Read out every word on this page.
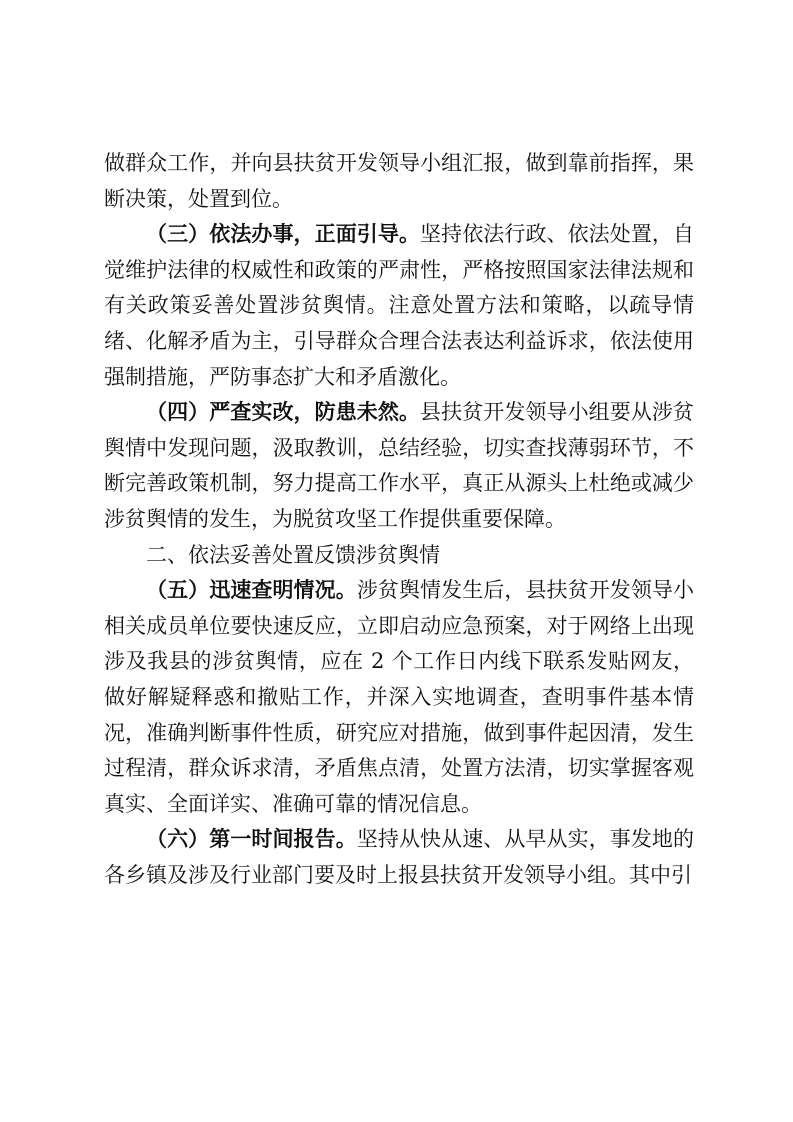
做群众工作，并向县扶贫开发领导小组汇报，做到靠前指挥，果断决策，处置到位。

（三）依法办事，正面引导。坚持依法行政、依法处置，自觉维护法律的权威性和政策的严肃性，严格按照国家法律法规和有关政策妥善处置涉贫舆情。注意处置方法和策略，以疏导情绪、化解矛盾为主，引导群众合理合法表达利益诉求，依法使用强制措施，严防事态扩大和矛盾激化。

（四）严查实改，防患未然。县扶贫开发领导小组要从涉贫舆情中发现问题，汲取教训，总结经验，切实查找薄弱环节，不断完善政策机制，努力提高工作水平，真正从源头上杜绝或减少涉贫舆情的发生，为脱贫攻坚工作提供重要保障。

二、依法妥善处置反馈涉贫舆情

（五）迅速查明情况。涉贫舆情发生后，县扶贫开发领导小相关成员单位要快速反应，立即启动应急预案，对于网络上出现涉及我县的涉贫舆情，应在 2 个工作日内线下联系发贴网友，做好解疑释惑和撤贴工作，并深入实地调查，查明事件基本情况，准确判断事件性质，研究应对措施，做到事件起因清，发生过程清，群众诉求清，矛盾焦点清，处置方法清，切实掌握客观真实、全面详实、准确可靠的情况信息。

（六）第一时间报告。坚持从快从速、从早从实，事发地的各乡镇及涉及行业部门要及时上报县扶贫开发领导小组。其中引
